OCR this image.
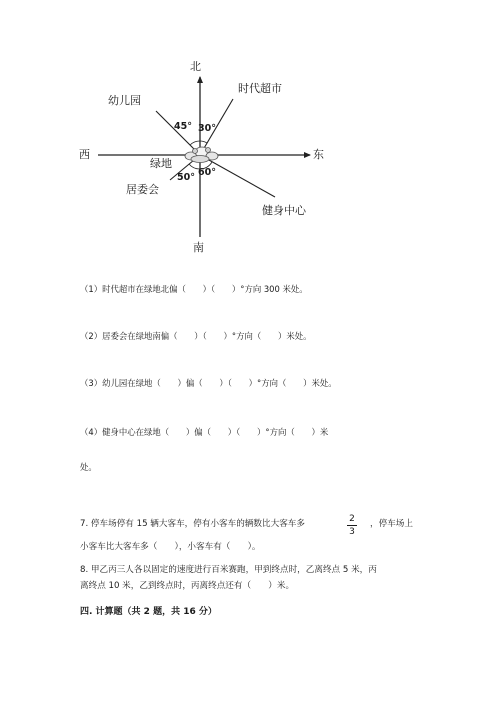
北
南
东
西
绿地
时代超市
幼儿园
居委会
健身中心
45° 30°
50° 60°
（1）时代超市在绿地北偏（　　）（　　）°方向 300 米处。
（2）居委会在绿地南偏（　　）（　　）°方向（　　）米处。
（3）幼儿园在绿地（　　）偏（　　）（　　）°方向（　　）米处。
（4）健身中心在绿地（　　）偏（　　）（　　）°方向（　　）米
处。
7. 停车场停有 15 辆大客车，停有小客车的辆数比大客车多	2
3
，停车场上
小客车比大客车多（　　），小客车有（　　）。
8. 甲乙丙三人各以固定的速度进行百米赛跑，甲到终点时，乙离终点 5 米，丙
离终点 10 米，乙到终点时，丙离终点还有（　　）米。
四. 计算题（共 2 题，共 16 分）
